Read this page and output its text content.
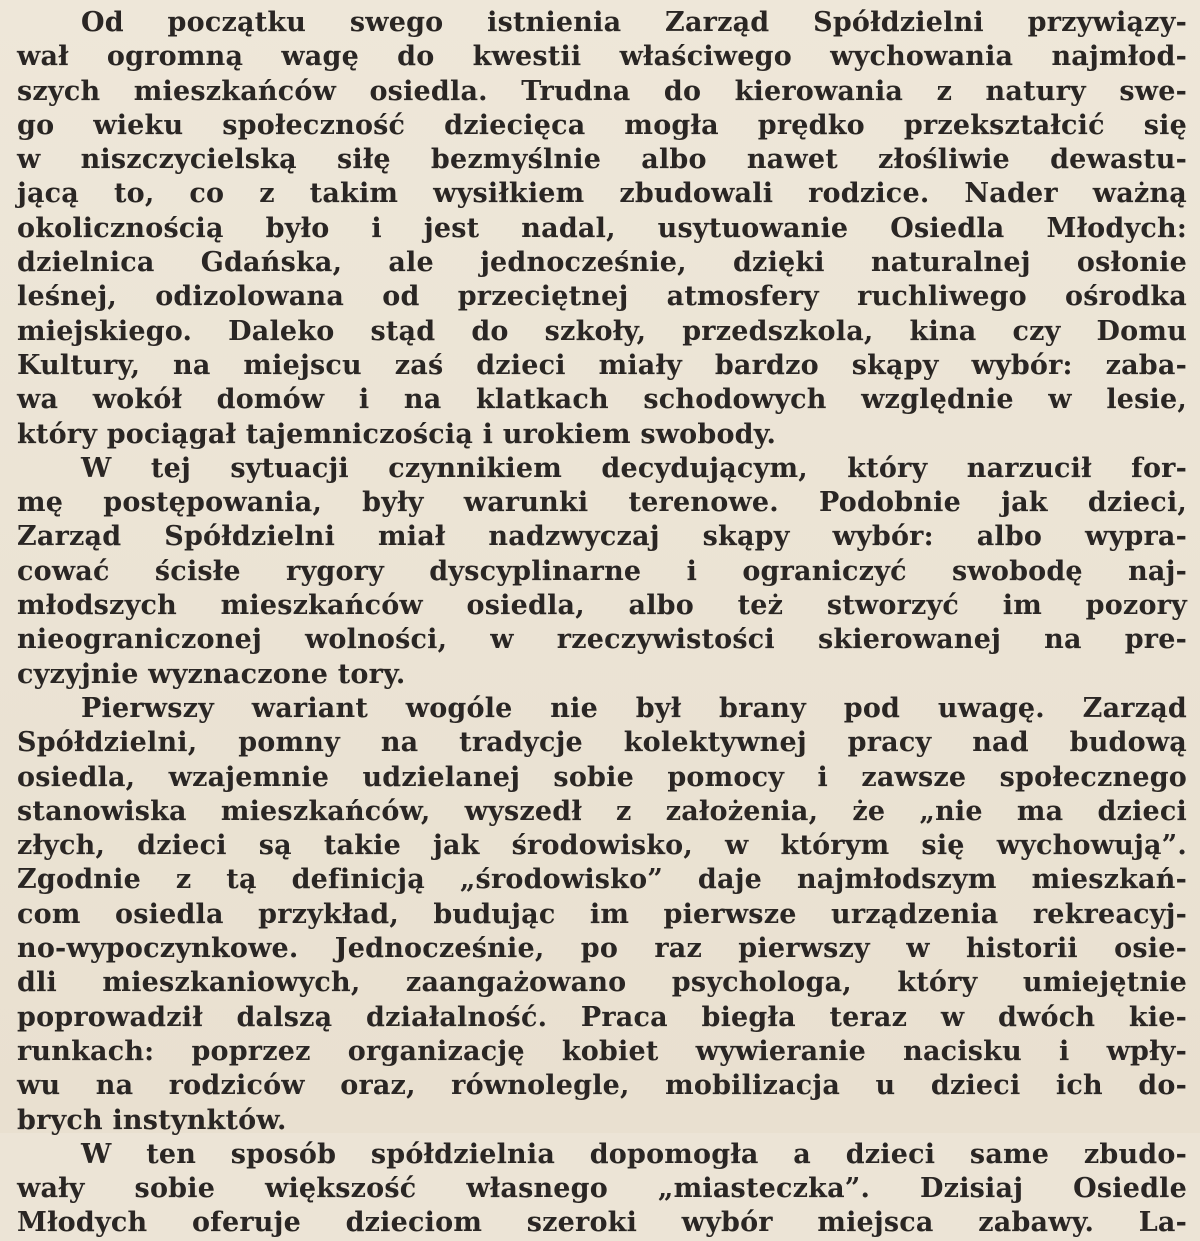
Od początku swego istnienia Zarząd Spółdzielni przywiązy-
wał ogromną wagę do kwestii właściwego wychowania najmłod-
szych mieszkańców osiedla. Trudna do kierowania z natury swe-
go wieku społeczność dziecięca mogła prędko przekształcić się
w niszczycielską siłę bezmyślnie albo nawet złośliwie dewastu-
jącą to, co z takim wysiłkiem zbudowali rodzice. Nader ważną
okolicznością było i jest nadal, usytuowanie Osiedla Młodych:
dzielnica Gdańska, ale jednocześnie, dzięki naturalnej osłonie
leśnej, odizolowana od przeciętnej atmosfery ruchliwego ośrodka
miejskiego. Daleko stąd do szkoły, przedszkola, kina czy Domu
Kultury, na miejscu zaś dzieci miały bardzo skąpy wybór: zaba-
wa wokół domów i na klatkach schodowych względnie w lesie,
który pociągał tajemniczością i urokiem swobody.
W tej sytuacji czynnikiem decydującym, który narzucił for-
mę postępowania, były warunki terenowe. Podobnie jak dzieci,
Zarząd Spółdzielni miał nadzwyczaj skąpy wybór: albo wypra-
cować ścisłe rygory dyscyplinarne i ograniczyć swobodę naj-
młodszych mieszkańców osiedla, albo też stworzyć im pozory
nieograniczonej wolności, w rzeczywistości skierowanej na pre-
cyzyjnie wyznaczone tory.
Pierwszy wariant wogóle nie był brany pod uwagę. Zarząd
Spółdzielni, pomny na tradycje kolektywnej pracy nad budową
osiedla, wzajemnie udzielanej sobie pomocy i zawsze społecznego
stanowiska mieszkańców, wyszedł z założenia, że „nie ma dzieci
złych, dzieci są takie jak środowisko, w którym się wychowują”.
Zgodnie z tą definicją „środowisko” daje najmłodszym mieszkań-
com osiedla przykład, budując im pierwsze urządzenia rekreacyj-
no-wypoczynkowe. Jednocześnie, po raz pierwszy w historii osie-
dli mieszkaniowych, zaangażowano psychologa, który umiejętnie
poprowadził dalszą działalność. Praca biegła teraz w dwóch kie-
runkach: poprzez organizację kobiet wywieranie nacisku i wpły-
wu na rodziców oraz, równolegle, mobilizacja u dzieci ich do-
brych instynktów.
W ten sposób spółdzielnia dopomogła a dzieci same zbudo-
wały sobie większość własnego „miasteczka”. Dzisiaj Osiedle
Młodych oferuje dzieciom szeroki wybór miejsca zabawy. La-
